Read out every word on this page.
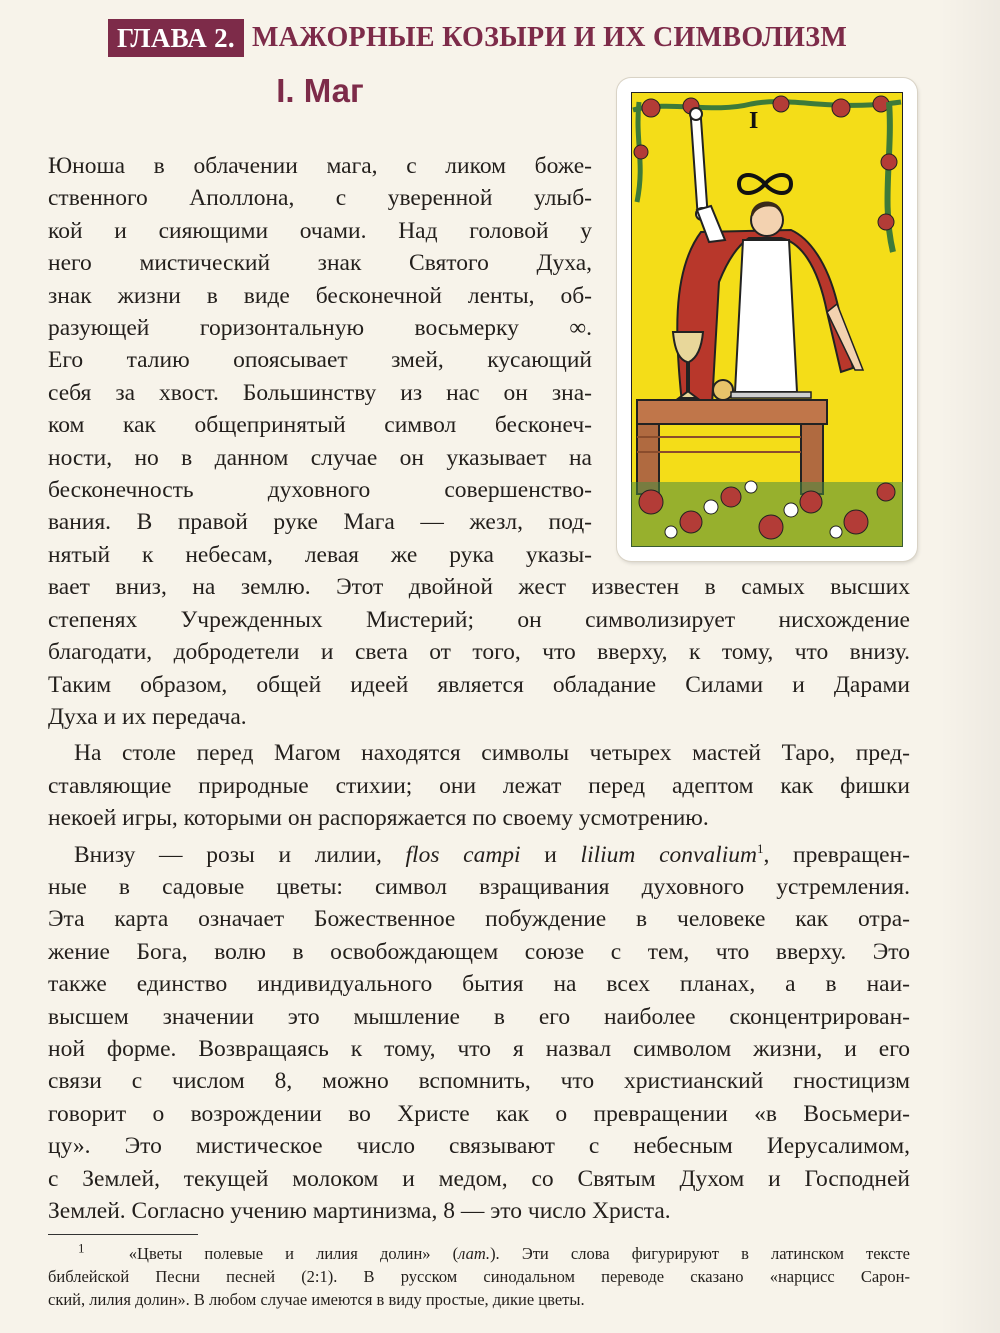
ГЛАВА 2. МАЖОРНЫЕ КОЗЫРИ И ИХ СИМВОЛИЗМ
I. Маг
I

Юноша в облачении мага, с ликом боже-
ственного Аполлона, с уверенной улыб-
кой и сияющими очами. Над головой у
него мистический знак Святого Духа,
знак жизни в виде бесконечной ленты, об-
разующей горизонтальную восьмерку ∞.
Его талию опоясывает змей, кусающий
себя за хвост. Большинству из нас он зна-
ком как общепринятый символ бесконеч-
ности, но в данном случае он указывает на
бесконечность духовного совершенство-
вания. В правой руке Мага — жезл, под-
нятый к небесам, левая же рука указы-
вает вниз, на землю. Этот двойной жест известен в самых высших
степенях Учрежденных Мистерий; он символизирует нисхождение
благодати, добродетели и света от того, что вверху, к тому, что внизу.
Таким образом, общей идеей является обладание Силами и Дарами
Духа и их передача.

На столе перед Магом находятся символы четырех мастей Таро, пред-
ставляющие природные стихии; они лежат перед адептом как фишки
некоей игры, которыми он распоряжается по своему усмотрению.

Внизу — розы и лилии, flos campi и lilium convalium$^1$, превращен-
ные в садовые цветы: символ взращивания духовного устремления.
Эта карта означает Божественное побуждение в человеке как отра-
жение Бога, волю в освобождающем союзе с тем, что вверху. Это
также единство индивидуального бытия на всех планах, а в наи-
высшем значении это мышление в его наиболее сконцентрирован-
ной форме. Возвращаясь к тому, что я назвал символом жизни, и его
связи с числом 8, можно вспомнить, что христианский гностицизм
говорит о возрождении во Христе как о превращении «в Восьмери-
цу». Это мистическое число связывают с небесным Иерусалимом,
с Землей, текущей молоком и медом, со Святым Духом и Господней
Землей. Согласно учению мартинизма, 8 — это число Христа.

$^1$	«Цветы полевые и лилия долин» (лат.). Эти слова фигурируют в латинском тексте
библейской Песни песней (2:1). В русском синодальном переводе сказано «нарцисс Сарон-
ский, лилия долин». В любом случае имеются в виду простые, дикие цветы.
